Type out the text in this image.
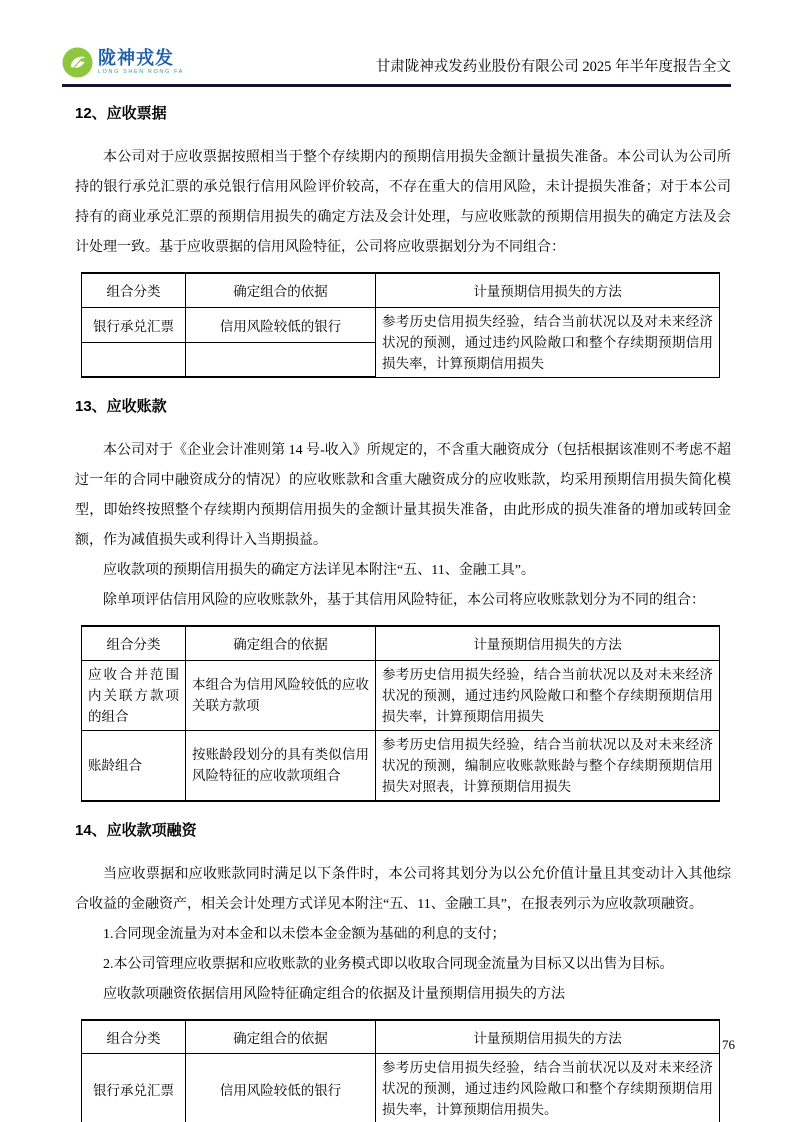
陇神戎发
LONG SHEN RONG FA	甘肃陇神戎发药业股份有限公司 2025 年半年度报告全文
12、应收票据

本公司对于应收票据按照相当于整个存续期内的预期信用损失金额计量损失准备。本公司认为公司所持的银行承兑汇票的承兑银行信用风险评价较高，不存在重大的信用风险，未计提损失准备；对于本公司持有的商业承兑汇票的预期信用损失的确定方法及会计处理，与应收账款的预期信用损失的确定方法及会计处理一致。基于应收票据的信用风险特征，公司将应收票据划分为不同组合：

组合分类	确定组合的依据	计量预期信用损失的方法
银行承兑汇票	信用风险较低的银行	参考历史信用损失经验，结合当前状况以及对未来经济状况的预测，通过违约风险敞口和整个存续期预期信用损失率，计算预期信用损失

13、应收账款

本公司对于《企业会计准则第 14 号-收入》所规定的，不含重大融资成分（包括根据该准则不考虑不超过一年的合同中融资成分的情况）的应收账款和含重大融资成分的应收账款，均采用预期信用损失简化模型，即始终按照整个存续期内预期信用损失的金额计量其损失准备，由此形成的损失准备的增加或转回金额，作为减值损失或利得计入当期损益。

应收款项的预期信用损失的确定方法详见本附注“五、11、金融工具”。

除单项评估信用风险的应收账款外，基于其信用风险特征，本公司将应收账款划分为不同的组合：

组合分类	确定组合的依据	计量预期信用损失的方法
应收合并范围内关联方款项的组合	本组合为信用风险较低的应收关联方款项	参考历史信用损失经验，结合当前状况以及对未来经济状况的预测，通过违约风险敞口和整个存续期预期信用损失率，计算预期信用损失
账龄组合	按账龄段划分的具有类似信用风险特征的应收款项组合	参考历史信用损失经验，结合当前状况以及对未来经济状况的预测，编制应收账款账龄与整个存续期预期信用损失对照表，计算预期信用损失
14、应收款项融资

当应收票据和应收账款同时满足以下条件时，本公司将其划分为以公允价值计量且其变动计入其他综合收益的金融资产，相关会计处理方式详见本附注“五、11、金融工具”，在报表列示为应收款项融资。

1.合同现金流量为对本金和以未偿本金金额为基础的利息的支付；

2.本公司管理应收票据和应收账款的业务模式即以收取合同现金流量为目标又以出售为目标。

应收款项融资依据信用风险特征确定组合的依据及计量预期信用损失的方法

组合分类	确定组合的依据	计量预期信用损失的方法
银行承兑汇票	信用风险较低的银行	参考历史信用损失经验，结合当前状况以及对未来经济状况的预测，通过违约风险敞口和整个存续期预期信用损失率，计算预期信用损失。
76
